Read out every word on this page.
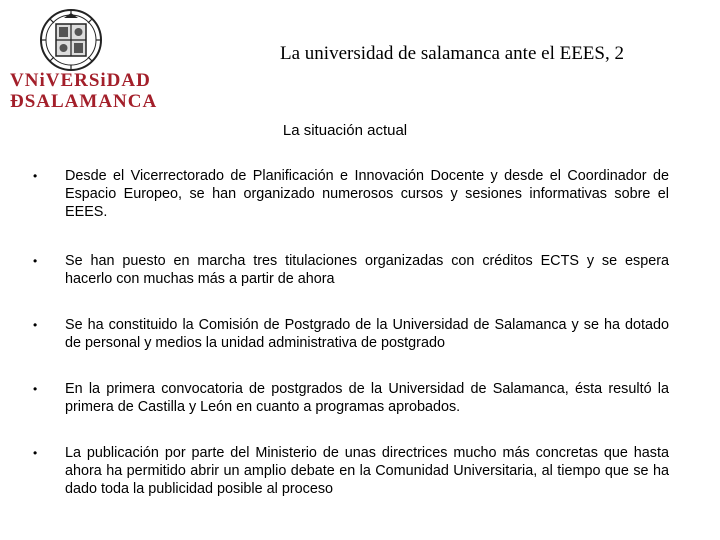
VNiVERSiDAD
ÐSALAMANCA
La universidad de salamanca ante el EEES, 2
La situación actual
•	Desde el Vicerrectorado de Planificación e Innovación Docente y desde el Coordinador de Espacio Europeo, se han organizado numerosos cursos y sesiones informativas sobre el EEES.
•	Se han puesto en marcha tres titulaciones organizadas con créditos ECTS y se espera hacerlo con muchas más a partir de ahora
•	Se ha constituido la Comisión de Postgrado de la Universidad de Salamanca y se ha dotado de personal y medios la unidad administrativa de postgrado
•	En la primera convocatoria de postgrados de la Universidad de Salamanca, ésta resultó la primera de Castilla y León en cuanto a programas aprobados.
•	La publicación por parte del Ministerio de unas directrices mucho más concretas que hasta ahora ha permitido abrir un amplio debate en la Comunidad Universitaria, al tiempo que se ha dado toda la publicidad posible al proceso
